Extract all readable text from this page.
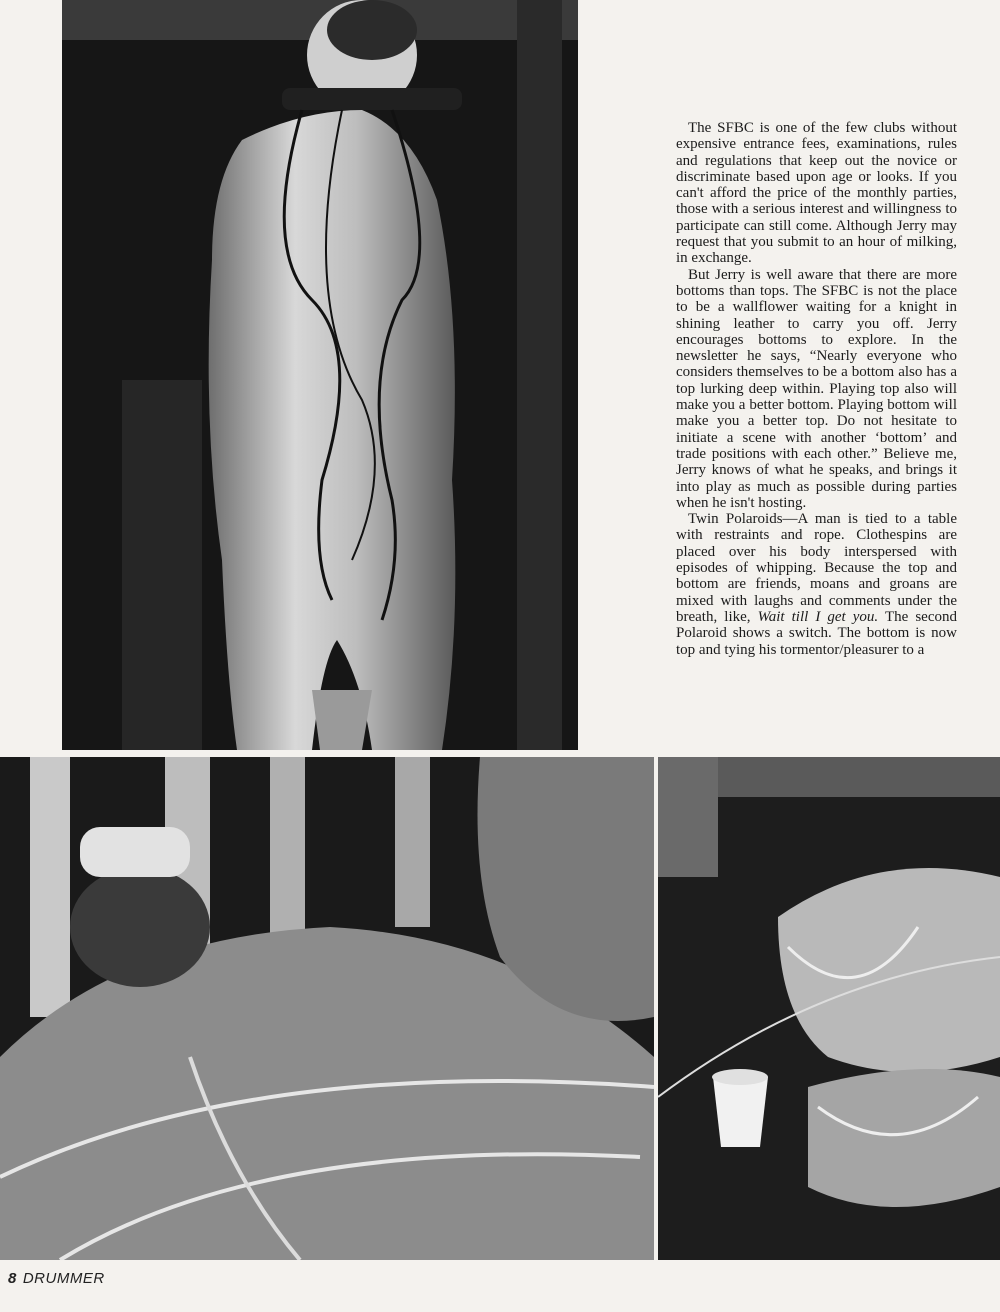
The SFBC is one of the few clubs without expensive entrance fees, examinations, rules and regulations that keep out the novice or discriminate based upon age or looks. If you can't afford the price of the monthly parties, those with a serious interest and willingness to participate can still come. Although Jerry may request that you submit to an hour of milking, in exchange.

But Jerry is well aware that there are more bottoms than tops. The SFBC is not the place to be a wallflower waiting for a knight in shining leather to carry you off. Jerry encourages bottoms to explore. In the newsletter he says, “Nearly everyone who considers themselves to be a bottom also has a top lurking deep within. Playing top also will make you a better bottom. Playing bottom will make you a better top. Do not hesitate to initiate a scene with another ‘bottom’ and trade positions with each other.” Believe me, Jerry knows of what he speaks, and brings it into play as much as possible during parties when he isn't hosting.

Twin Polaroids—A man is tied to a table with restraints and rope. Clothespins are placed over his body interspersed with episodes of whipping. Because the top and bottom are friends, moans and groans are mixed with laughs and comments under the breath, like, Wait till I get you. The second Polaroid shows a switch. The bottom is now top and tying his tormentor/pleasurer to a

8 DRUMMER
